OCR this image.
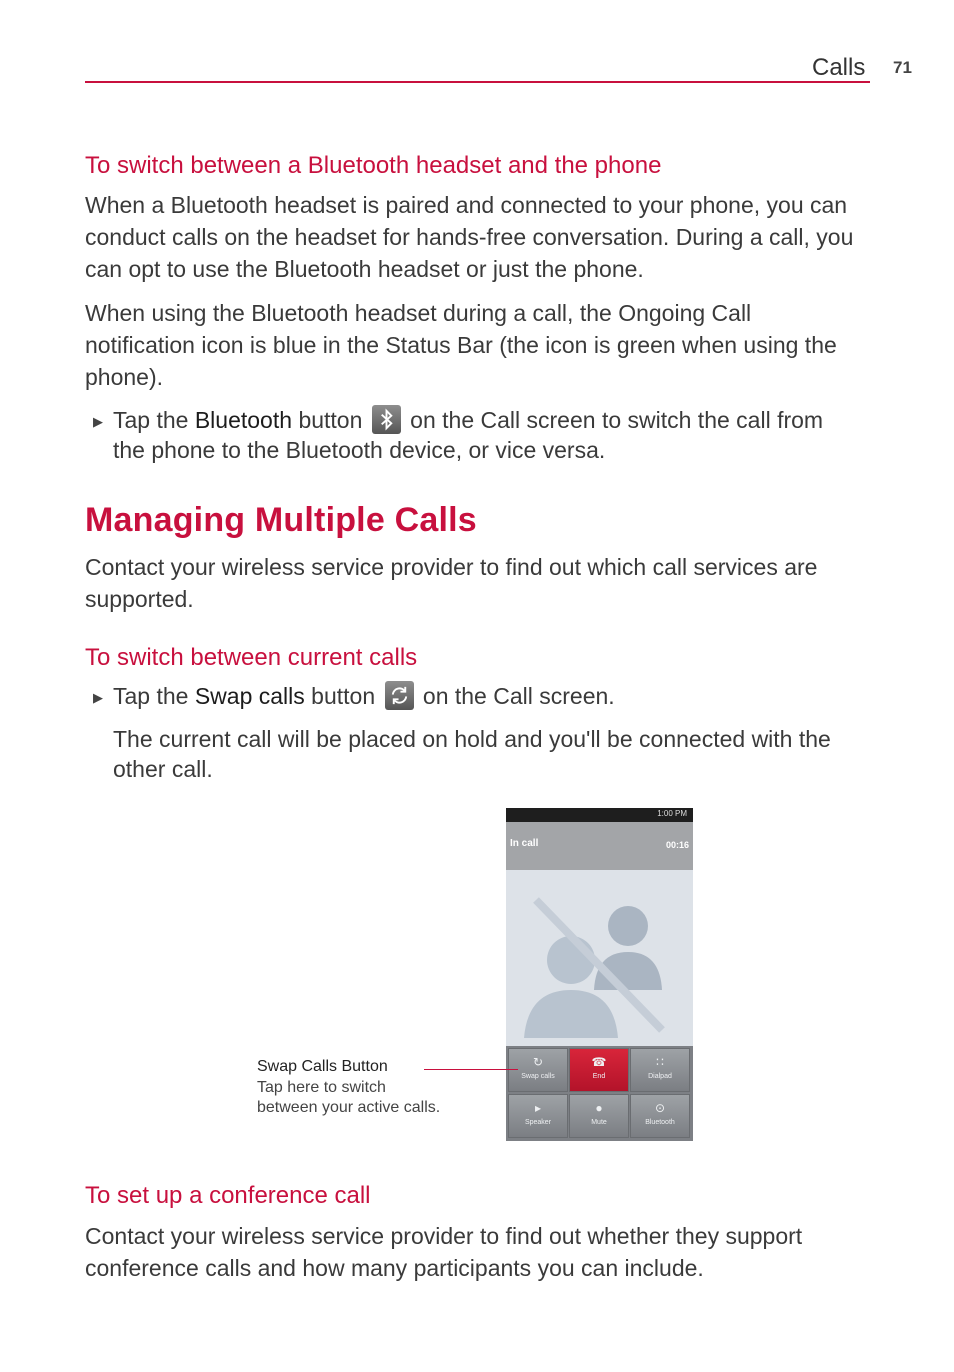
Calls 71
To switch between a Bluetooth headset and the phone
When a Bluetooth headset is paired and connected to your phone, you can conduct calls on the headset for hands-free conversation. During a call, you can opt to use the Bluetooth headset or just the phone.
When using the Bluetooth headset during a call, the Ongoing Call notification icon is blue in the Status Bar (the icon is green when using the phone).
▶ Tap the Bluetooth button on the Call screen to switch the call from
the phone to the Bluetooth device, or vice versa.
Managing Multiple Calls
Contact your wireless service provider to find out which call services are supported.
To switch between current calls
▶ Tap the Swap calls button on the Call screen.
The current call will be placed on hold and you'll be connected with the other call.
1:00 PM
In call	00:16
↻
Swap calls
☎
End
∷
Dialpad
▸
Speaker
●
Mute
⊙
Bluetooth
Swap Calls Button
Tap here to switch
between your active calls.
To set up a conference call
Contact your wireless service provider to find out whether they support conference calls and how many participants you can include.
